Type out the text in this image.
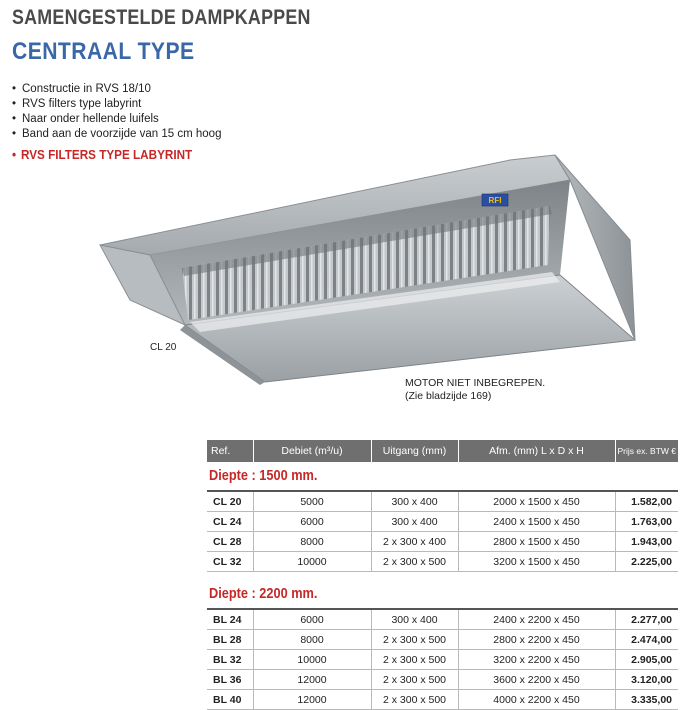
SAMENGESTELDE DAMPKAPPEN
CENTRAAL TYPE
• Constructie in RVS 18/10
• RVS filters type labyrint
• Naar onder hellende luifels
• Band aan de voorzijde van 15 cm hoog
• RVS FILTERS TYPE LABYRINT
RFI
CL 20
MOTOR NIET INBEGREPEN.
(Zie bladzijde 169)
Ref.	Debiet (m³/u)	Uitgang (mm)	Afm. (mm) L x D x H	Prijs ex. BTW €
Diepte : 1500 mm.				

CL 20	5000	300 x 400	2000 x 1500 x 450	1.582,00
CL 24	6000	300 x 400	2400 x 1500 x 450	1.763,00
CL 28	8000	2 x 300 x 400	2800 x 1500 x 450	1.943,00
CL 32	10000	2 x 300 x 500	3200 x 1500 x 450	2.225,00

Diepte : 2200 mm.				

BL 24	6000	300 x 400	2400 x 2200 x 450	2.277,00
BL 28	8000	2 x 300 x 500	2800 x 2200 x 450	2.474,00
BL 32	10000	2 x 300 x 500	3200 x 2200 x 450	2.905,00
BL 36	12000	2 x 300 x 500	3600 x 2200 x 450	3.120,00
BL 40	12000	2 x 300 x 500	4000 x 2200 x 450	3.335,00
